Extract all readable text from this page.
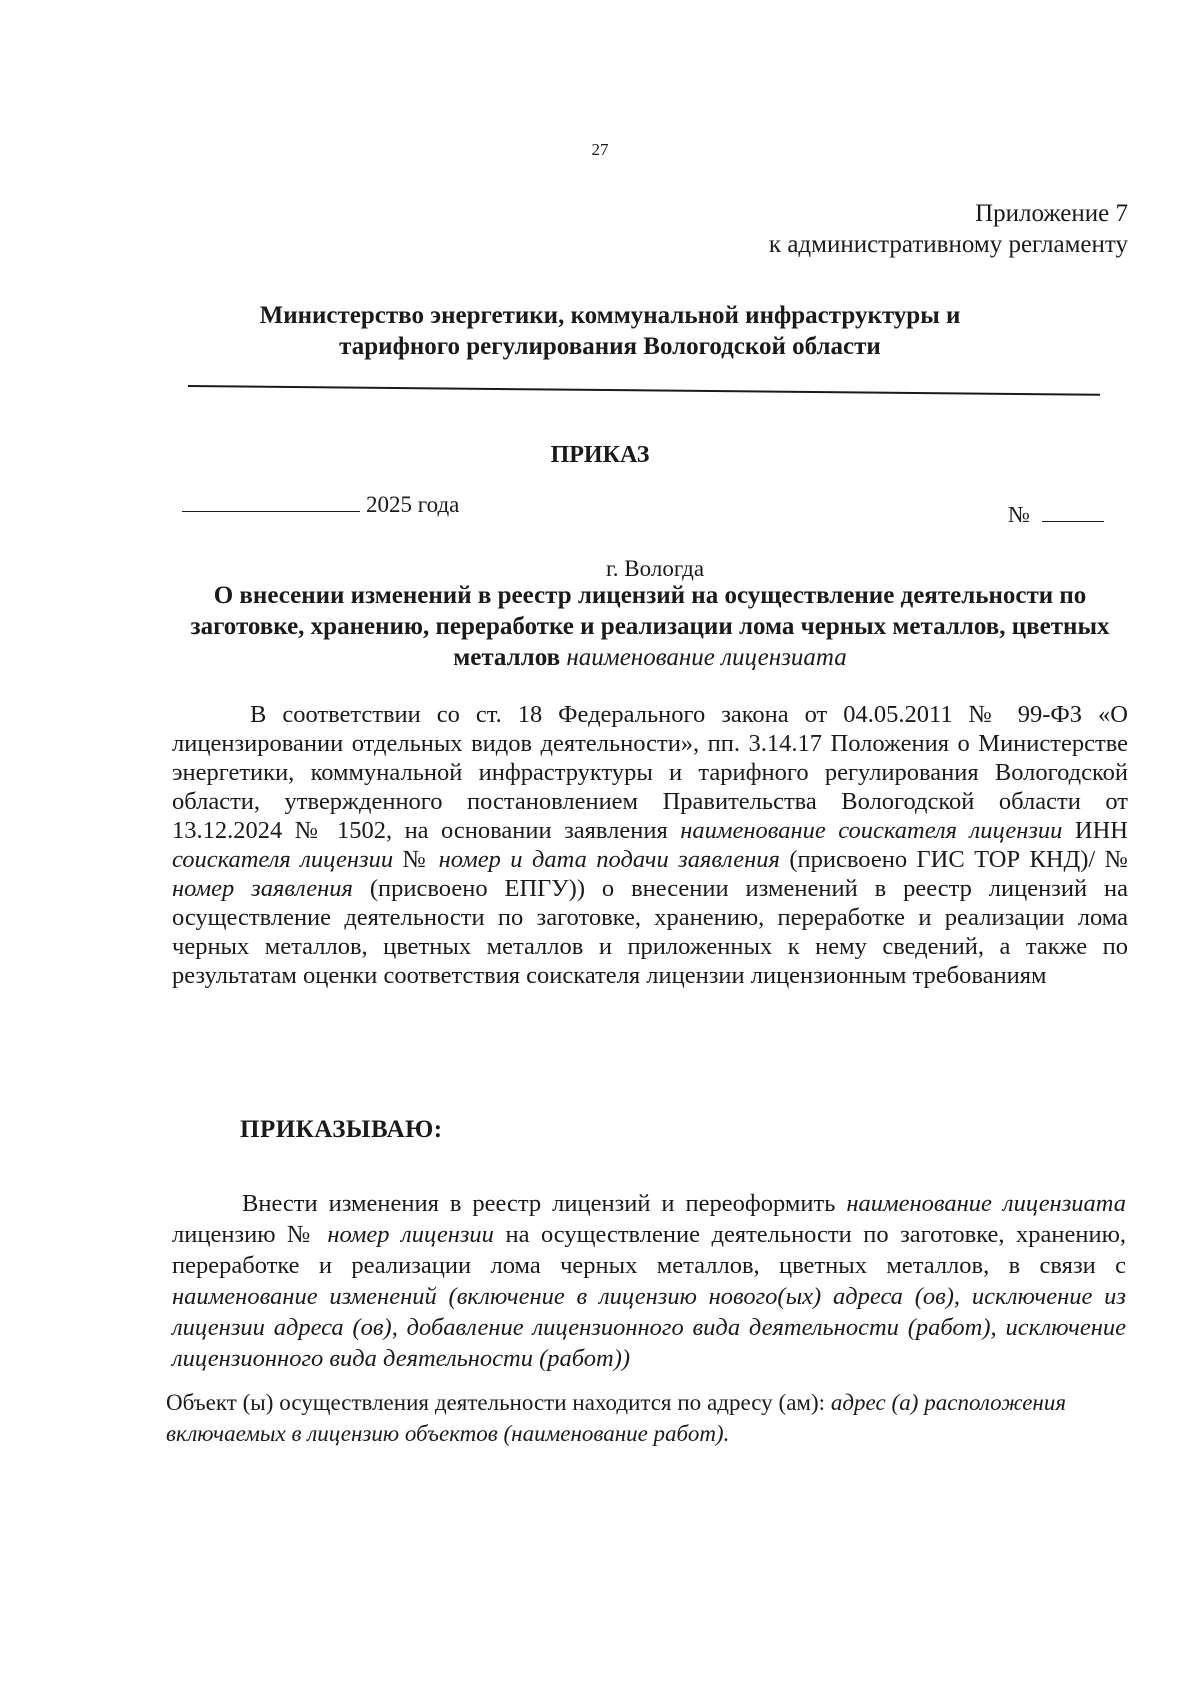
27
Приложение 7
к административному регламенту
Министерство энергетики, коммунальной инфраструктуры и
тарифного регулирования Вологодской области
ПРИКАЗ
2025 года	№
г. Вологда
О внесении изменений в реестр лицензий на осуществление деятельности по заготовке, хранению, переработке и реализации лома черных металлов, цветных металлов наименование лицензиата
В соответствии со ст. 18 Федерального закона от 04.05.2011 № 99-ФЗ «О лицензировании отдельных видов деятельности», пп. 3.14.17 Положения о Министерстве энергетики, коммунальной инфраструктуры и тарифного регулирования Вологодской области, утвержденного постановлением Правительства Вологодской области от 13.12.2024 № 1502, на основании заявления наименование соискателя лицензии ИНН соискателя лицензии № номер и дата подачи заявления (присвоено ГИС ТОР КНД)/ № номер заявления (присвоено ЕПГУ)) о внесении изменений в реестр лицензий на осуществление деятельности по заготовке, хранению, переработке и реализации лома черных металлов, цветных металлов и приложенных к нему сведений, а также по результатам оценки соответствия соискателя лицензии лицензионным требованиям
ПРИКАЗЫВАЮ:
Внести изменения в реестр лицензий и переоформить наименование лицензиата лицензию № номер лицензии на осуществление деятельности по заготовке, хранению, переработке и реализации лома черных металлов, цветных металлов, в связи с наименование изменений (включение в лицензию нового(ых) адреса (ов), исключение из лицензии адреса (ов), добавление лицензионного вида деятельности (работ), исключение лицензионного вида деятельности (работ))
Объект (ы) осуществления деятельности находится по адресу (ам): адрес (а) расположения включаемых в лицензию объектов (наименование работ).
